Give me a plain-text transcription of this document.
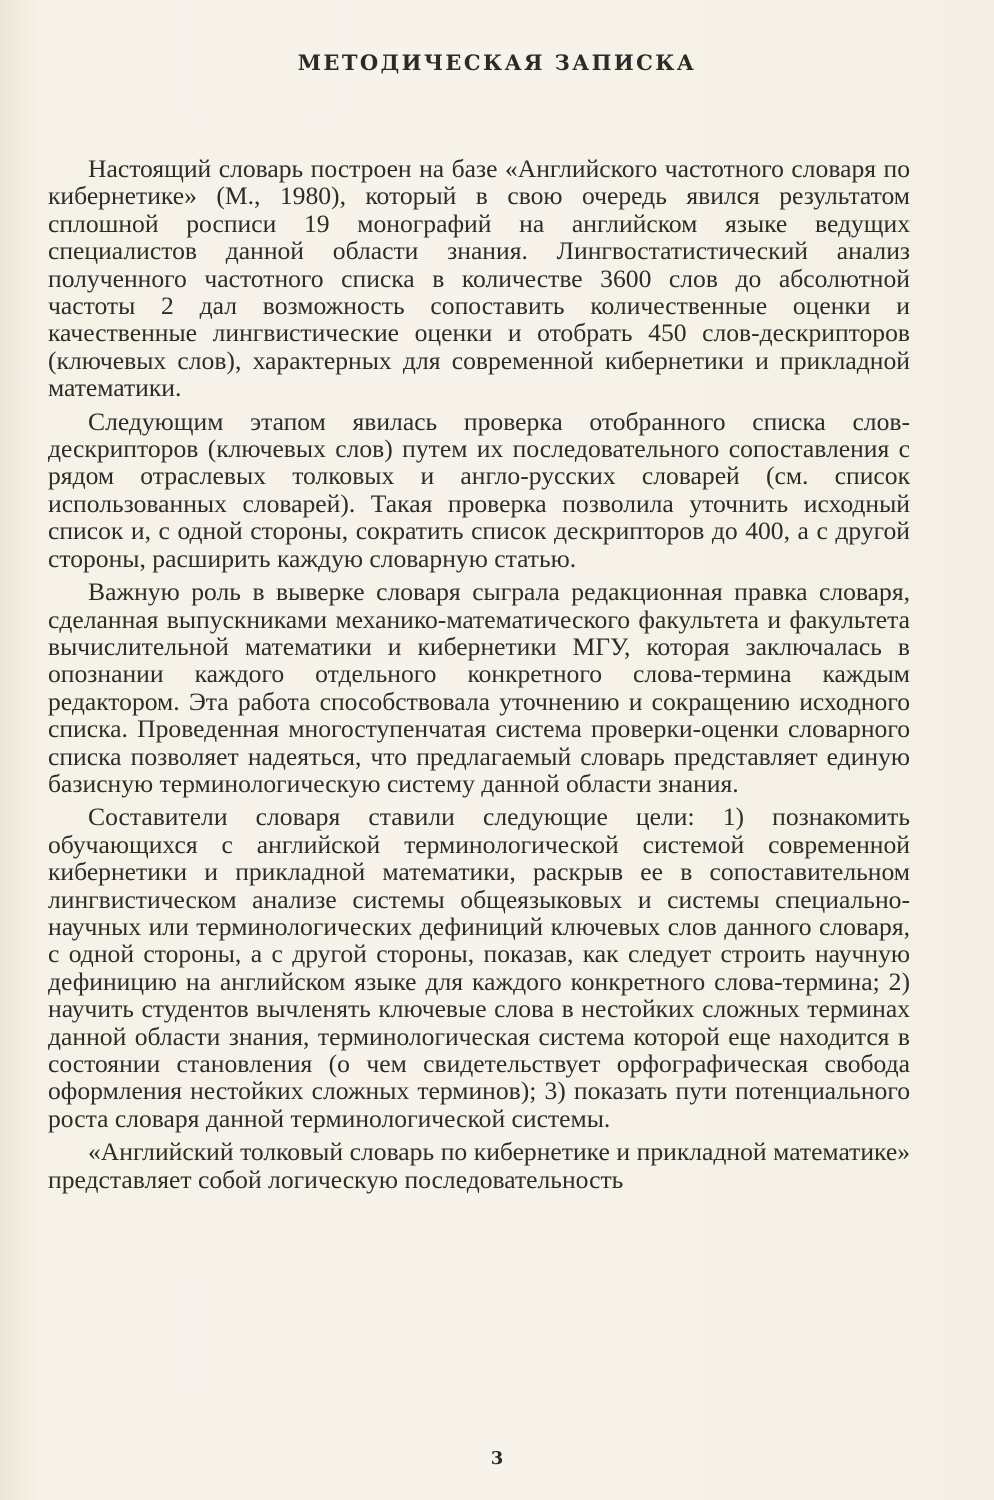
МЕТОДИЧЕСКАЯ ЗАПИСКА

Настоящий словарь построен на базе «Английского частотного словаря по кибернетике» (М., 1980), который в свою очередь явился результатом сплошной росписи 19 монографий на английском языке ведущих специалистов данной области знания. Лингвостатистический анализ полученного частотного списка в количестве 3600 слов до абсолютной частоты 2 дал возможность сопоставить количественные оценки и качественные лингвистические оценки и отобрать 450 слов-дескрипторов (ключевых слов), характерных для современной кибернетики и прикладной математики.

Следующим этапом явилась проверка отобранного списка слов-дескрипторов (ключевых слов) путем их последовательного сопоставления с рядом отраслевых толковых и англо-русских словарей (см. список использованных словарей). Такая проверка позволила уточнить исходный список и, с одной стороны, сократить список дескрипторов до 400, а с другой стороны, расширить каждую словарную статью.

Важную роль в выверке словаря сыграла редакционная правка словаря, сделанная выпускниками механико-математического факультета и факультета вычислительной математики и кибернетики МГУ, которая заключалась в опознании каждого отдельного конкретного слова-термина каждым редактором. Эта работа способствовала уточнению и сокращению исходного списка. Проведенная многоступенчатая система проверки-оценки словарного списка позволяет надеяться, что предлагаемый словарь представляет единую базисную терминологическую систему данной области знания.

Составители словаря ставили следующие цели: 1) познакомить обучающихся с английской терминологической системой современной кибернетики и прикладной математики, раскрыв ее в сопоставительном лингвистическом анализе системы общеязыковых и системы специально-научных или терминологических дефиниций ключевых слов данного словаря, с одной стороны, а с другой стороны, показав, как следует строить научную дефиницию на английском языке для каждого конкретного слова-термина; 2) научить студентов вычленять ключевые слова в нестойких сложных терминах данной области знания, терминологическая система которой еще находится в состоянии становления (о чем свидетельствует орфографическая свобода оформления нестойких сложных терминов); 3) показать пути потенциального роста словаря данной терминологической системы.

«Английский толковый словарь по кибернетике и прикладной математике» представляет собой логическую последовательность

3
